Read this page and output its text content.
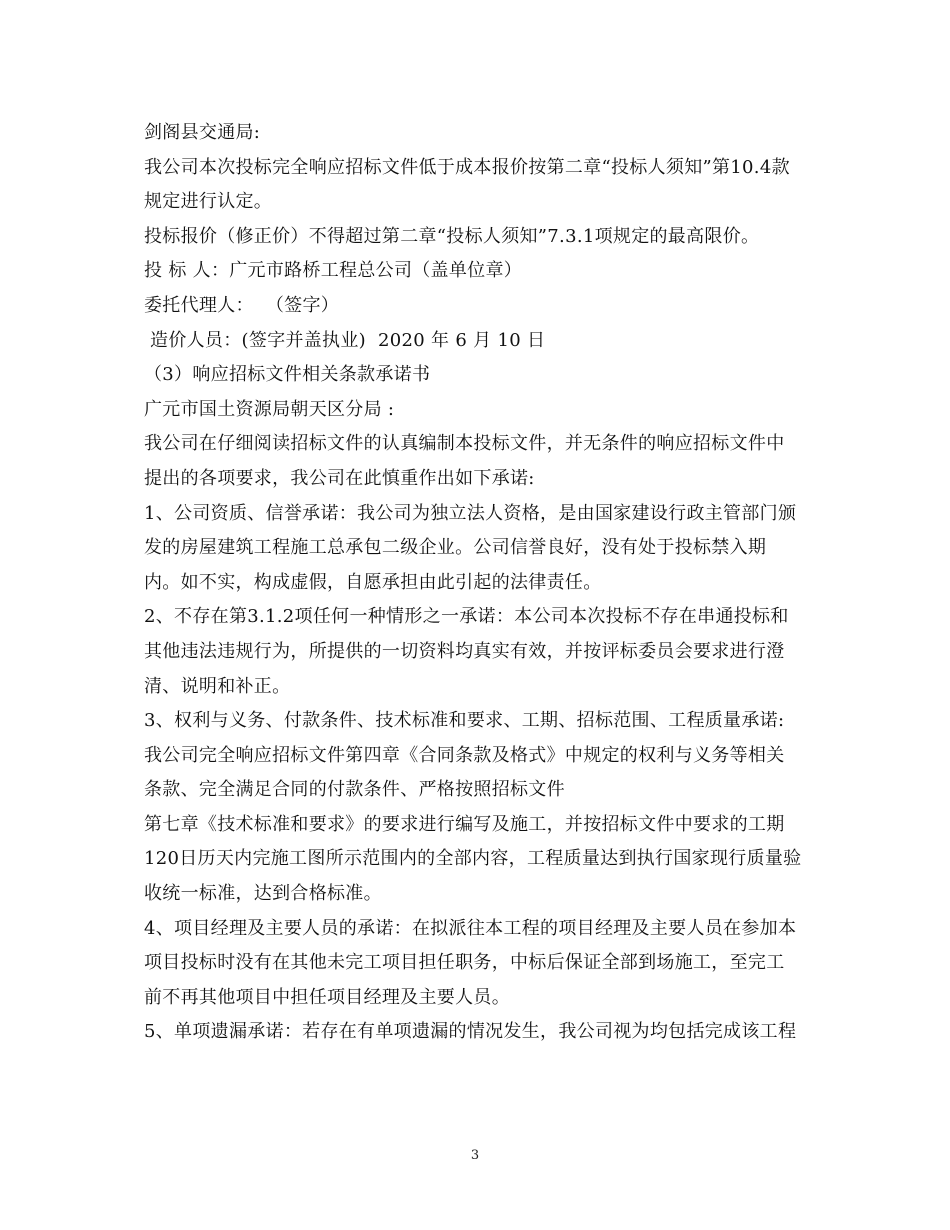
剑阁县交通局:
我公司本次投标完全响应招标文件低于成本报价按第二章“投标人须知”第10.4款
规定进行认定。
投标报价（修正价）不得超过第二章“投标人须知”7.3.1项规定的最高限价。
投 标 人：广元市路桥工程总公司（盖单位章）
委托代理人：  （签字）
造价人员：(签字并盖执业)  2020 年 6 月 10 日
（3）响应招标文件相关条款承诺书
广元市国土资源局朝天区分局 :
我公司在仔细阅读招标文件的认真编制本投标文件，并无条件的响应招标文件中
提出的各项要求，我公司在此慎重作出如下承诺:
1、公司资质、信誉承诺：我公司为独立法人资格，是由国家建设行政主管部门颁
发的房屋建筑工程施工总承包二级企业。公司信誉良好，没有处于投标禁入期
内。如不实，构成虚假，自愿承担由此引起的法律责任。
2、不存在第3.1.2项任何一种情形之一承诺：本公司本次投标不存在串通投标和
其他违法违规行为，所提供的一切资料均真实有效，并按评标委员会要求进行澄
清、说明和补正。
3、权利与义务、付款条件、技术标准和要求、工期、招标范围、工程质量承诺:
我公司完全响应招标文件第四章《合同条款及格式》中规定的权利与义务等相关
条款、完全满足合同的付款条件、严格按照招标文件
第七章《技术标准和要求》的要求进行编写及施工，并按招标文件中要求的工期
120日历天内完施工图所示范围内的全部内容，工程质量达到执行国家现行质量验
收统一标准，达到合格标准。
4、项目经理及主要人员的承诺：在拟派往本工程的项目经理及主要人员在参加本
项目投标时没有在其他未完工项目担任职务，中标后保证全部到场施工，至完工
前不再其他项目中担任项目经理及主要人员。
5、单项遗漏承诺：若存在有单项遗漏的情况发生，我公司视为均包括完成该工程
3
